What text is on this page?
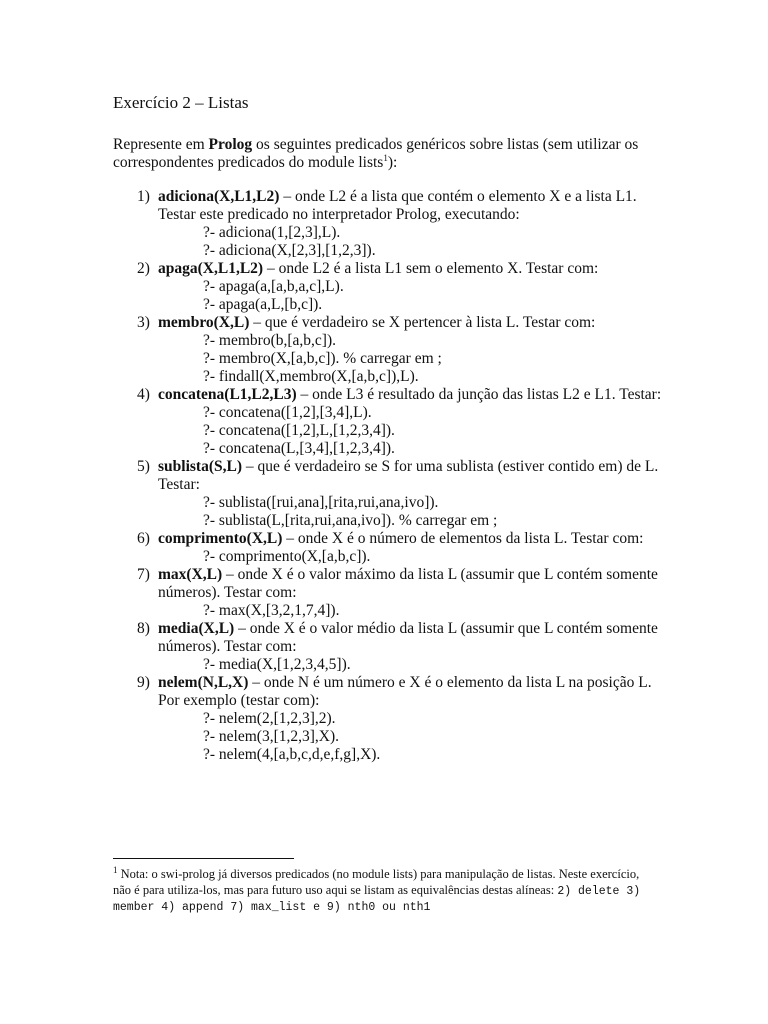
Exercício 2 – Listas
Represente em Prolog os seguintes predicados genéricos sobre listas (sem utilizar os
correspondentes predicados do module lists$^1$):
1) adiciona(X,L1,L2) – onde L2 é a lista que contém o elemento X e a lista L1.
Testar este predicado no interpretador Prolog, executando:
?- adiciona(1,[2,3],L).
?- adiciona(X,[2,3],[1,2,3]).
2) apaga(X,L1,L2) – onde L2 é a lista L1 sem o elemento X. Testar com:
?- apaga(a,[a,b,a,c],L).
?- apaga(a,L,[b,c]).
3) membro(X,L) – que é verdadeiro se X pertencer à lista L. Testar com:
?- membro(b,[a,b,c]).
?- membro(X,[a,b,c]). % carregar em ;
?- findall(X,membro(X,[a,b,c]),L).
4) concatena(L1,L2,L3) – onde L3 é resultado da junção das listas L2 e L1. Testar:
?- concatena([1,2],[3,4],L).
?- concatena([1,2],L,[1,2,3,4]).
?- concatena(L,[3,4],[1,2,3,4]).
5) sublista(S,L) – que é verdadeiro se S for uma sublista (estiver contido em) de L.
Testar:
?- sublista([rui,ana],[rita,rui,ana,ivo]).
?- sublista(L,[rita,rui,ana,ivo]). % carregar em ;
6) comprimento(X,L) – onde X é o número de elementos da lista L. Testar com:
?- comprimento(X,[a,b,c]).
7) max(X,L) – onde X é o valor máximo da lista L (assumir que L contém somente
números). Testar com:
?- max(X,[3,2,1,7,4]).
8) media(X,L) – onde X é o valor médio da lista L (assumir que L contém somente
números). Testar com:
?- media(X,[1,2,3,4,5]).
9) nelem(N,L,X) – onde N é um número e X é o elemento da lista L na posição L.
Por exemplo (testar com):
?- nelem(2,[1,2,3],2).
?- nelem(3,[1,2,3],X).
?- nelem(4,[a,b,c,d,e,f,g],X).
$^1$ Nota: o swi-prolog já diversos predicados (no module lists) para manipulação de listas. Neste exercício,
não é para utiliza-los, mas para futuro uso aqui se listam as equivalências destas alíneas: 2) delete 3)
member 4) append 7) max_list e 9) nth0 ou nth1
